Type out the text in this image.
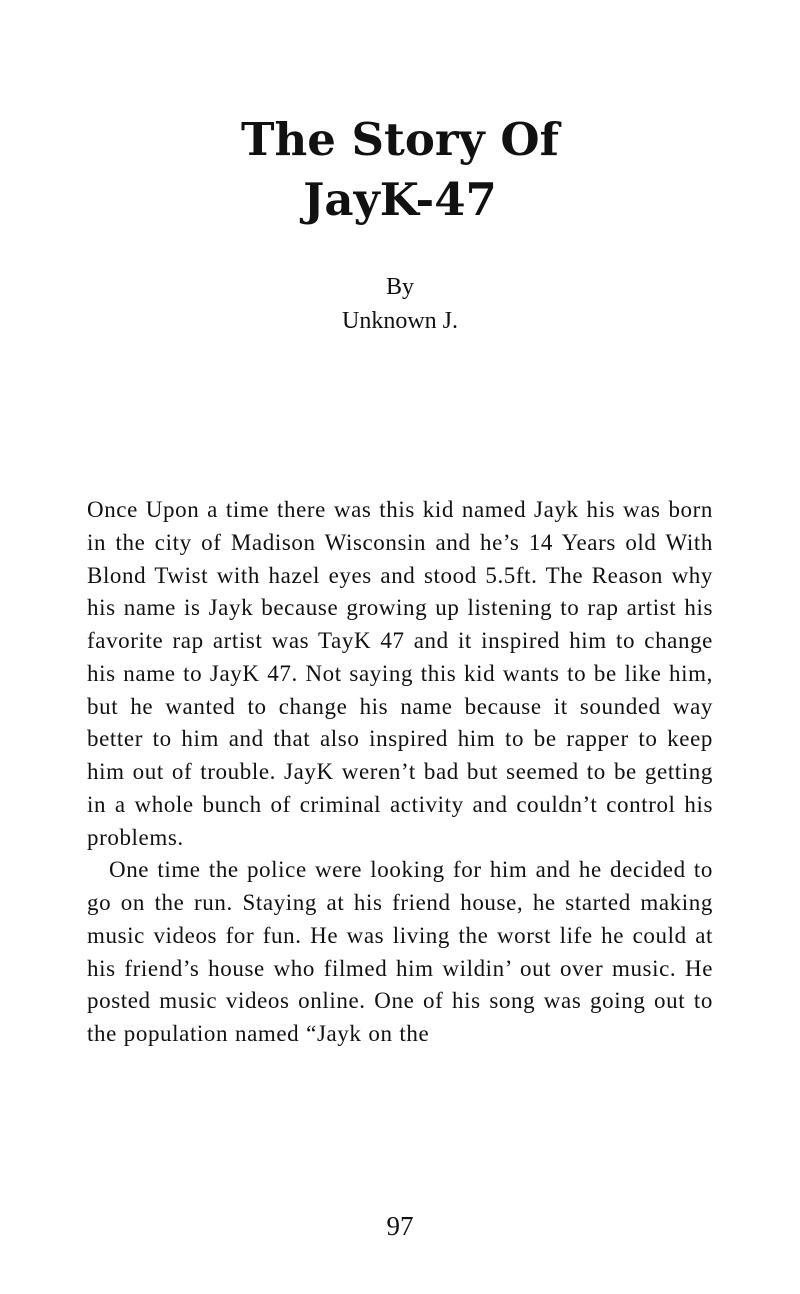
The Story Of
JayK-47
By
Unknown J.

Once Upon a time there was this kid named Jayk his was born in the city of Madison Wisconsin and he’s 14 Years old With Blond Twist with hazel eyes and stood 5.5ft. The Reason why his name is Jayk because growing up listening to rap artist his favorite rap artist was TayK 47 and it inspired him to change his name to JayK 47. Not saying this kid wants to be like him, but he wanted to change his name because it sounded way better to him and that also inspired him to be rapper to keep him out of trouble. JayK weren’t bad but seemed to be getting in a whole bunch of criminal activity and couldn’t control his problems.

One time the police were looking for him and he decided to go on the run. Staying at his friend house, he started making music videos for fun. He was living the worst life he could at his friend’s house who filmed him wildin’ out over music. He posted music videos online. One of his song was going out to the population named “Jayk on the

97
